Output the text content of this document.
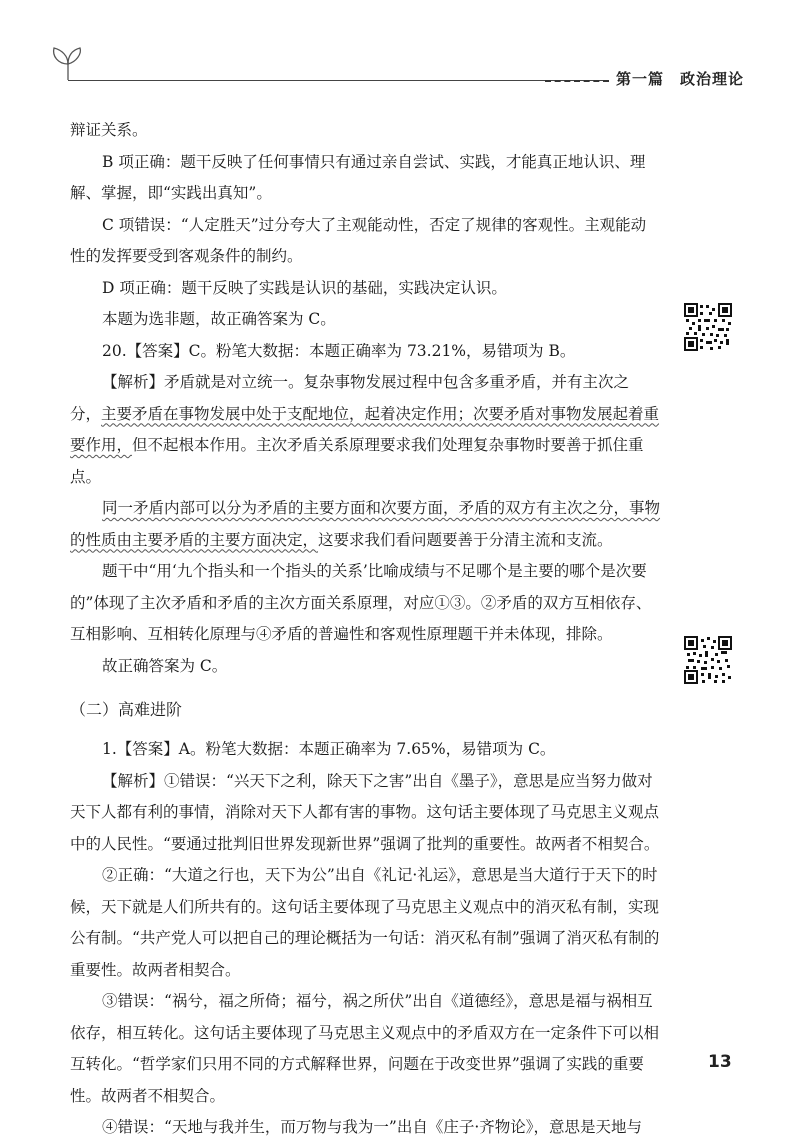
第一篇　政治理论

辩证关系。

B 项正确：题干反映了任何事情只有通过亲自尝试、实践，才能真正地认识、理解、掌握，即“实践出真知”。

C 项错误：“人定胜天”过分夸大了主观能动性，否定了规律的客观性。主观能动性的发挥要受到客观条件的制约。

D 项正确：题干反映了实践是认识的基础，实践决定认识。

本题为选非题，故正确答案为 C。

20.【答案】C。粉笔大数据：本题正确率为 73.21%，易错项为 B。

【解析】矛盾就是对立统一。复杂事物发展过程中包含多重矛盾，并有主次之分，主要矛盾在事物发展中处于支配地位，起着决定作用；次要矛盾对事物发展起着重要作用，但不起根本作用。主次矛盾关系原理要求我们处理复杂事物时要善于抓住重点。

同一矛盾内部可以分为矛盾的主要方面和次要方面，矛盾的双方有主次之分，事物的性质由主要矛盾的主要方面决定，这要求我们看问题要善于分清主流和支流。

题干中“用‘九个指头和一个指头的关系’比喻成绩与不足哪个是主要的哪个是次要的”体现了主次矛盾和矛盾的主次方面关系原理，对应①③。②矛盾的双方互相依存、互相影响、互相转化原理与④矛盾的普遍性和客观性原理题干并未体现，排除。

故正确答案为 C。

（二）高难进阶

1.【答案】A。粉笔大数据：本题正确率为 7.65%，易错项为 C。

【解析】①错误：“兴天下之利，除天下之害”出自《墨子》，意思是应当努力做对天下人都有利的事情，消除对天下人都有害的事物。这句话主要体现了马克思主义观点中的人民性。“要通过批判旧世界发现新世界”强调了批判的重要性。故两者不相契合。

②正确：“大道之行也，天下为公”出自《礼记·礼运》，意思是当大道行于天下的时候，天下就是人们所共有的。这句话主要体现了马克思主义观点中的消灭私有制，实现公有制。“共产党人可以把自己的理论概括为一句话：消灭私有制”强调了消灭私有制的重要性。故两者相契合。

③错误：“祸兮，福之所倚；福兮，祸之所伏”出自《道德经》，意思是福与祸相互依存，相互转化。这句话主要体现了马克思主义观点中的矛盾双方在一定条件下可以相互转化。“哲学家们只用不同的方式解释世界，问题在于改变世界”强调了实践的重要性。故两者不相契合。

④错误：“天地与我并生，而万物与我为一”出自《庄子·齐物论》，意思是天地与

13
